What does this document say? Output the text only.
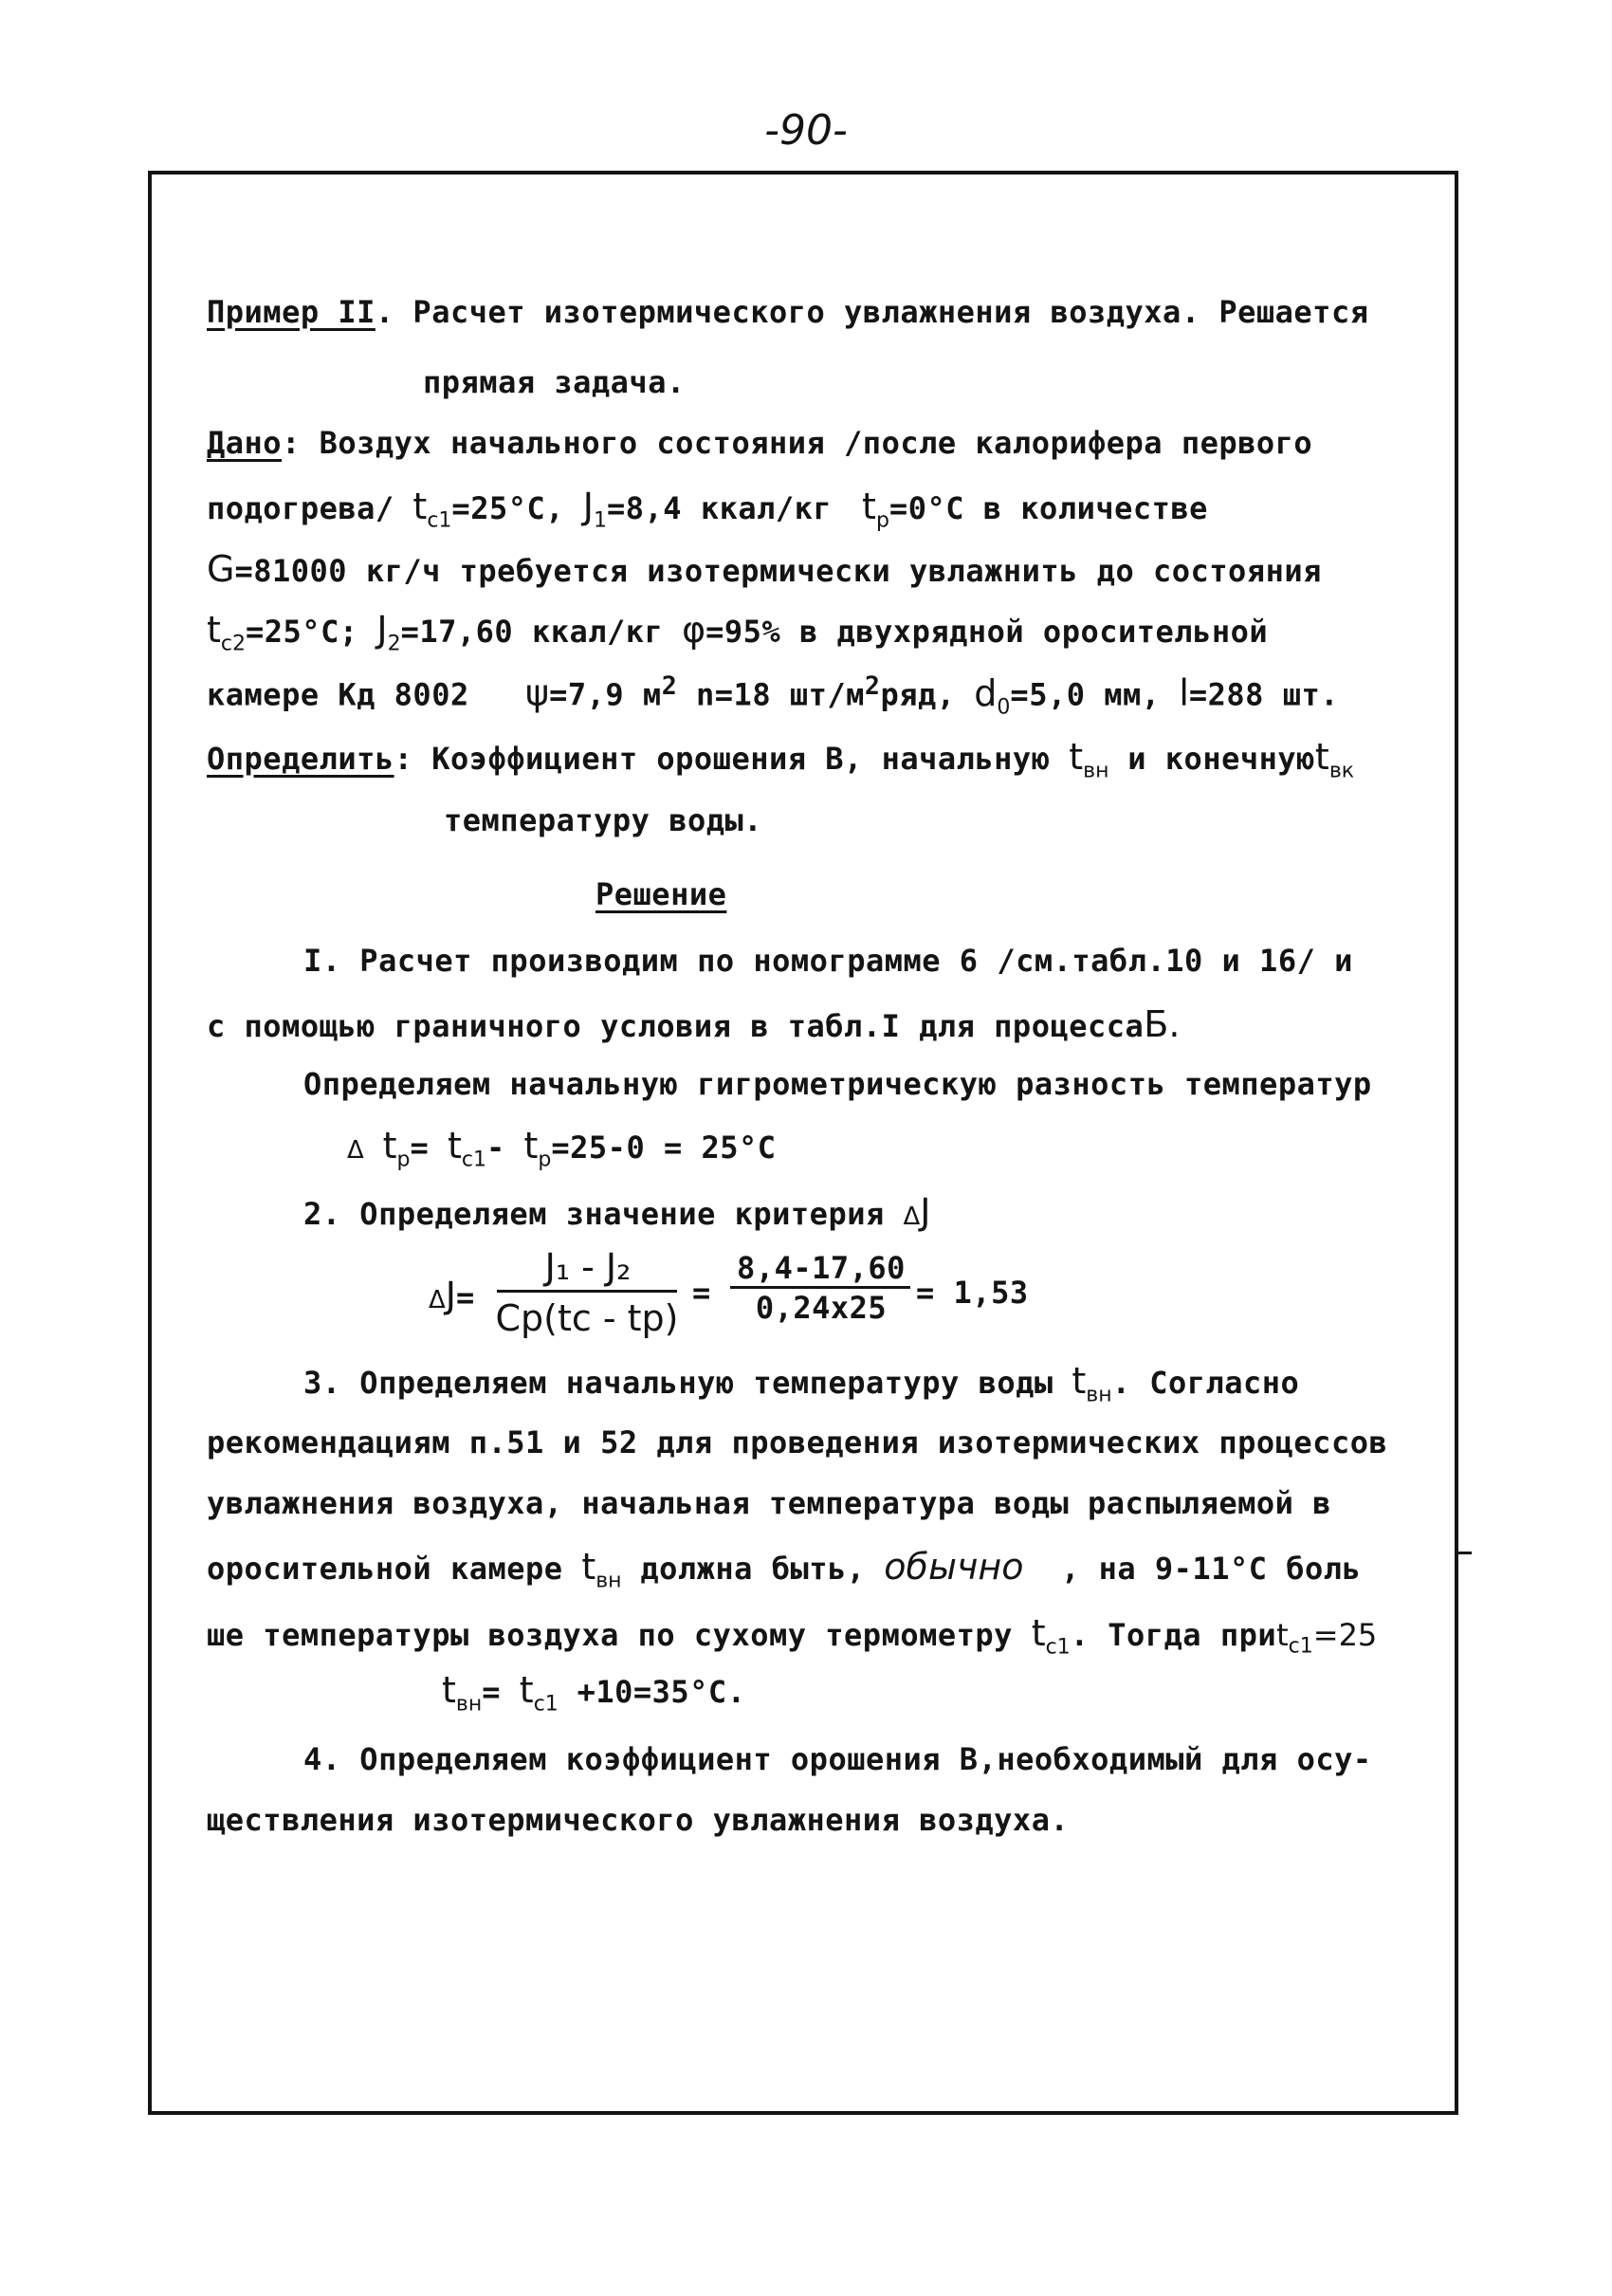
-90-
Пример II. Расчет изотермического увлажнения воздуха. Решается
прямая задача.
Дано: Воздух начального состояния /после калорифера первого
подогрева/ $t_{c1}=25^\circ С$, $J_1=8,4$ ккал/кг $t_p=0^\circ С$ в количестве
G=81000 кг/ч требуется изотермически увлажнить до состояния
$t_{c2}=25^\circ С$; $J_2=17,60$ ккал/кг φ=95% в двухрядной оросительной
камере Кд 8002 ψ=7,9 $м^2$ n=18 $шт/м^2ряд$, $d_0=5,0$ мм, l=288 шт.
Определить: Коэффициент орошения В, начальную $t_{вн}$ и конечнуюt$_{вк}$
температуру воды.
Решение
I. Расчет производим по номограмме 6 /см.табл.10 и 16/ и
с помощью граничного условия в табл.I для процессаБ.
Определяем начальную гигрометрическую разность температур
Δ $t_p= t_{c1}-$ $t_p=25-0 = 25^\circ С$
2. Определяем значение критерия ΔJ
ΔJ=
J₁ - J₂
Cp(tc - tp)
=
8,4-17,60
0,24x25 = 1,53
3. Определяем начальную температуру воды $t_{вн}$. Согласно
рекомендациям п.51 и 52 для проведения изотермических процессов
увлажнения воздуха, начальная температура воды распыляемой в
оросительной камере $t_{вн}$ должна быть, обычно , на 9-11°С боль
ше температуры воздуха по сухому термометру $t_{c1}$. Тогда приt$_{c1}$=25
$t_{вн}= t_{c1} +10=35^\circ С$.
4. Определяем коэффициент орошения В,необходимый для осу-
ществления изотермического увлажнения воздуха.
